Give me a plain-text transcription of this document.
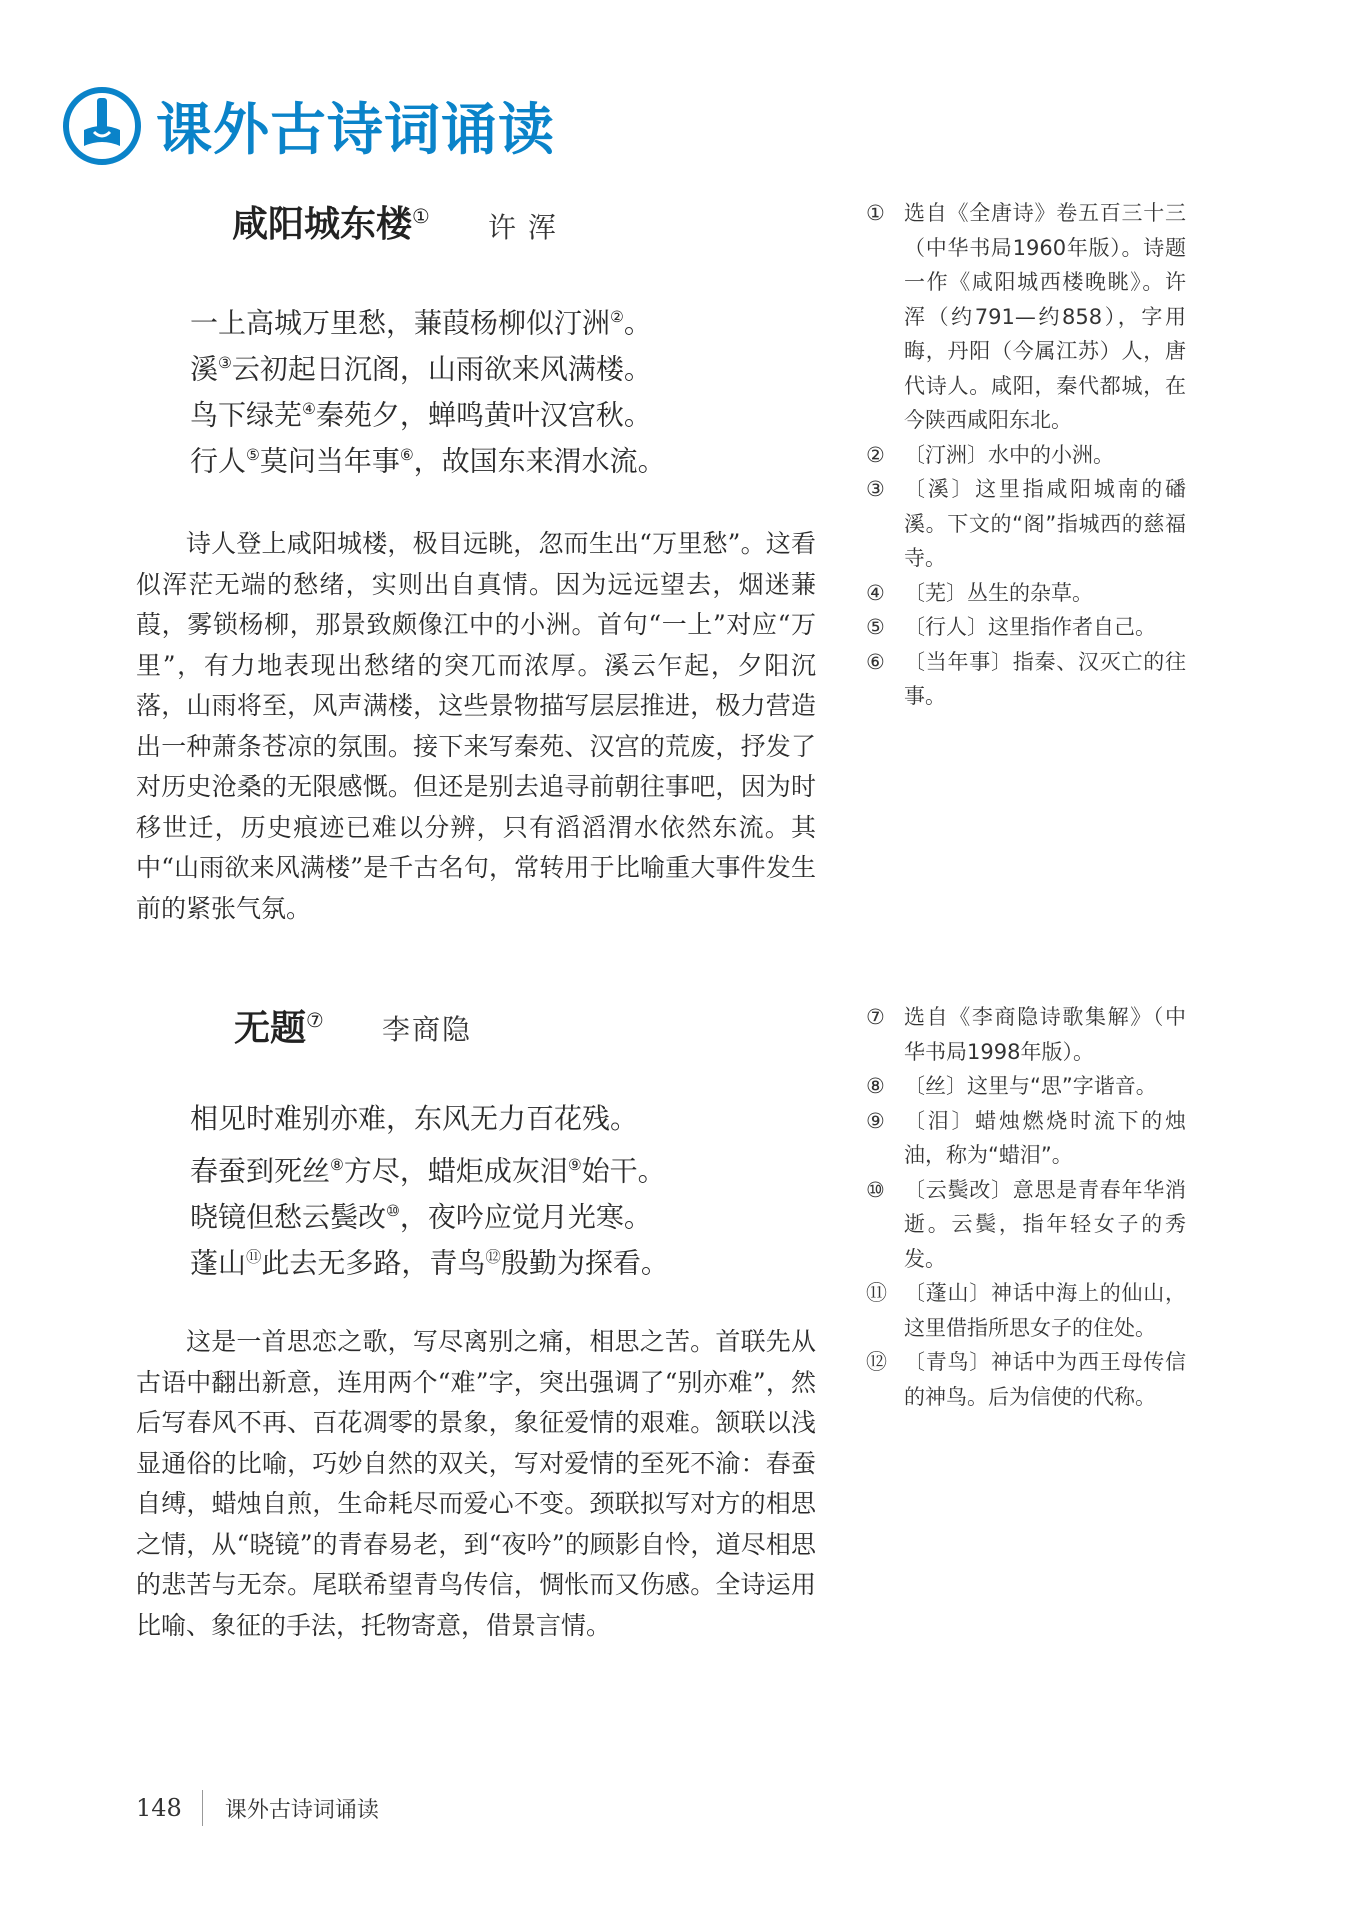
课外古诗词诵读
咸阳城东楼① 许浑
一上高城万里愁，蒹葭杨柳似汀洲②。
溪③云初起日沉阁，山雨欲来风满楼。
鸟下绿芜④秦苑夕，蝉鸣黄叶汉宫秋。
行人⑤莫问当年事⑥，故国东来渭水流。

诗人登上咸阳城楼，极目远眺，忽而生出“万里愁”。这看似浑茫无端的愁绪，实则出自真情。因为远远望去，烟迷蒹葭，雾锁杨柳，那景致颇像江中的小洲。首句“一上”对应“万里”，有力地表现出愁绪的突兀而浓厚。溪云乍起，夕阳沉落，山雨将至，风声满楼，这些景物描写层层推进，极力营造出一种萧条苍凉的氛围。接下来写秦苑、汉宫的荒废，抒发了对历史沧桑的无限感慨。但还是别去追寻前朝往事吧，因为时移世迁，历史痕迹已难以分辨，只有滔滔渭水依然东流。其中“山雨欲来风满楼”是千古名句，常转用于比喻重大事件发生前的紧张气氛。

① 选自《全唐诗》卷五百三十三（中华书局1960年版）。诗题一作《咸阳城西楼晚眺》。许浑（约791—约858），字用晦，丹阳（今属江苏）人，唐代诗人。咸阳，秦代都城，在今陕西咸阳东北。
② 〔汀洲〕水中的小洲。
③ 〔溪〕这里指咸阳城南的磻溪。下文的“阁”指城西的慈福寺。
④ 〔芜〕丛生的杂草。
⑤ 〔行人〕这里指作者自己。
⑥ 〔当年事〕指秦、汉灭亡的往事。
无题⑦ 李商隐
相见时难别亦难，东风无力百花残。
春蚕到死丝⑧方尽，蜡炬成灰泪⑨始干。
晓镜但愁云鬓改⑩，夜吟应觉月光寒。
蓬山⑪此去无多路，青鸟⑫殷勤为探看。

这是一首思恋之歌，写尽离别之痛，相思之苦。首联先从古语中翻出新意，连用两个“难”字，突出强调了“别亦难”，然后写春风不再、百花凋零的景象，象征爱情的艰难。颔联以浅显通俗的比喻，巧妙自然的双关，写对爱情的至死不渝：春蚕自缚，蜡烛自煎，生命耗尽而爱心不变。颈联拟写对方的相思之情，从“晓镜”的青春易老，到“夜吟”的顾影自怜，道尽相思的悲苦与无奈。尾联希望青鸟传信，惆怅而又伤感。全诗运用比喻、象征的手法，托物寄意，借景言情。

⑦ 选自《李商隐诗歌集解》（中华书局1998年版）。
⑧ 〔丝〕这里与“思”字谐音。
⑨ 〔泪〕蜡烛燃烧时流下的烛油，称为“蜡泪”。
⑩ 〔云鬓改〕意思是青春年华消逝。云鬓，指年轻女子的秀发。
⑪ 〔蓬山〕神话中海上的仙山，这里借指所思女子的住处。
⑫ 〔青鸟〕神话中为西王母传信的神鸟。后为信使的代称。
148 课外古诗词诵读
